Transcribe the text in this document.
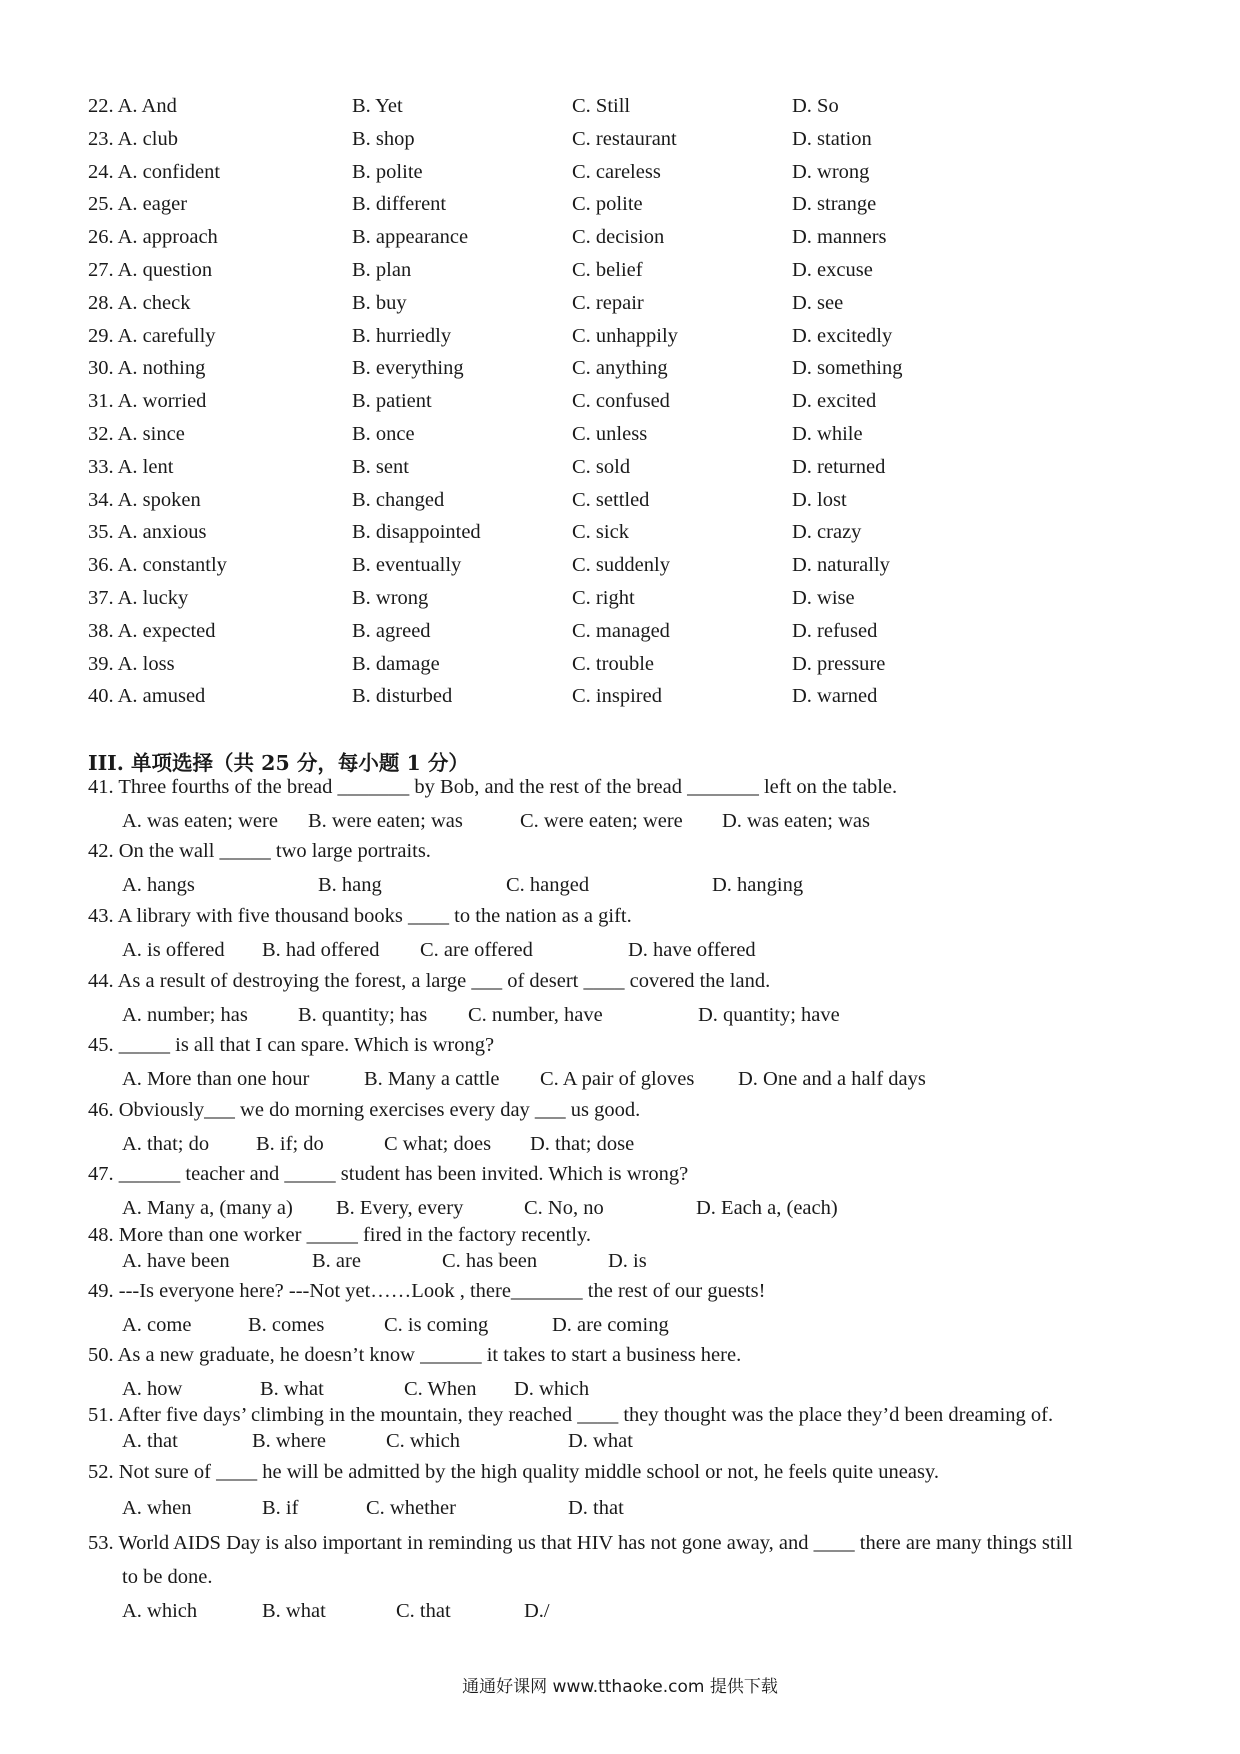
22. A. And	B. Yet	C. Still	D. So
23. A. club	B. shop	C. restaurant	D. station
24. A. confident	B. polite	C. careless	D. wrong
25. A. eager	B. different	C. polite	D. strange
26. A. approach	B. appearance	C. decision	D. manners
27. A. question	B. plan	C. belief	D. excuse
28. A. check	B. buy	C. repair	D. see
29. A. carefully	B. hurriedly	C. unhappily	D. excitedly
30. A. nothing	B. everything	C. anything	D. something
31. A. worried	B. patient	C. confused	D. excited
32. A. since	B. once	C. unless	D. while
33. A. lent	B. sent	C. sold	D. returned
34. A. spoken	B. changed	C. settled	D. lost
35. A. anxious	B. disappointed	C. sick	D. crazy
36. A. constantly	B. eventually	C. suddenly	D. naturally
37. A. lucky	B. wrong	C. right	D. wise
38. A. expected	B. agreed	C. managed	D. refused
39. A. loss	B. damage	C. trouble	D. pressure
40. A. amused	B. disturbed	C. inspired	D. warned
III. 单项选择（共 25 分，每小题 1 分）
41. Three fourths of the bread _______ by Bob, and the rest of the bread _______ left on the table.
A. was eaten; were B. were eaten; was	C. were eaten; were D. was eaten; was
42. On the wall _____ two large portraits.
A. hangs	B. hang	C. hanged	D. hanging
43. A library with five thousand books ____ to the nation as a gift.
A. is offered B. had offered C. are offered	D. have offered
44. As a result of destroying the forest, a large ___ of desert ____ covered the land.
A. number; has B. quantity; has C. number, have	D. quantity; have
45. _____ is all that I can spare. Which is wrong?
A. More than one hour	B. Many a cattle C. A pair of gloves D. One and a half days
46. Obviously___ we do morning exercises every day ___ us good.
A. that; do B. if; do	C what; does D. that; dose
47. ______ teacher and _____ student has been invited. Which is wrong?
A. Many a, (many a) B. Every, every	C. No, no	D. Each a, (each)
48. More than one worker _____ fired in the factory recently.
A. have been	B. are	C. has been	D. is
49. ---Is everyone here? ---Not yet……Look , there_______ the rest of our guests!
A. come	B. comes	C. is coming	D. are coming
50. As a new graduate, he doesn’t know ______ it takes to start a business here.
A. how	B. what	C. When D. which
51. After five days’ climbing in the mountain, they reached ____ they thought was the place they’d been dreaming of.
A. that	B. where	C. which	D. what
52. Not sure of ____ he will be admitted by the high quality middle school or not, he feels quite uneasy.
A. when	B. if	C. whether	D. that
53. World AIDS Day is also important in reminding us that HIV has not gone away, and ____ there are many things still
to be done.
A. which	B. what	C. that	D./
通通好课网 www.tthaoke.com 提供下载
